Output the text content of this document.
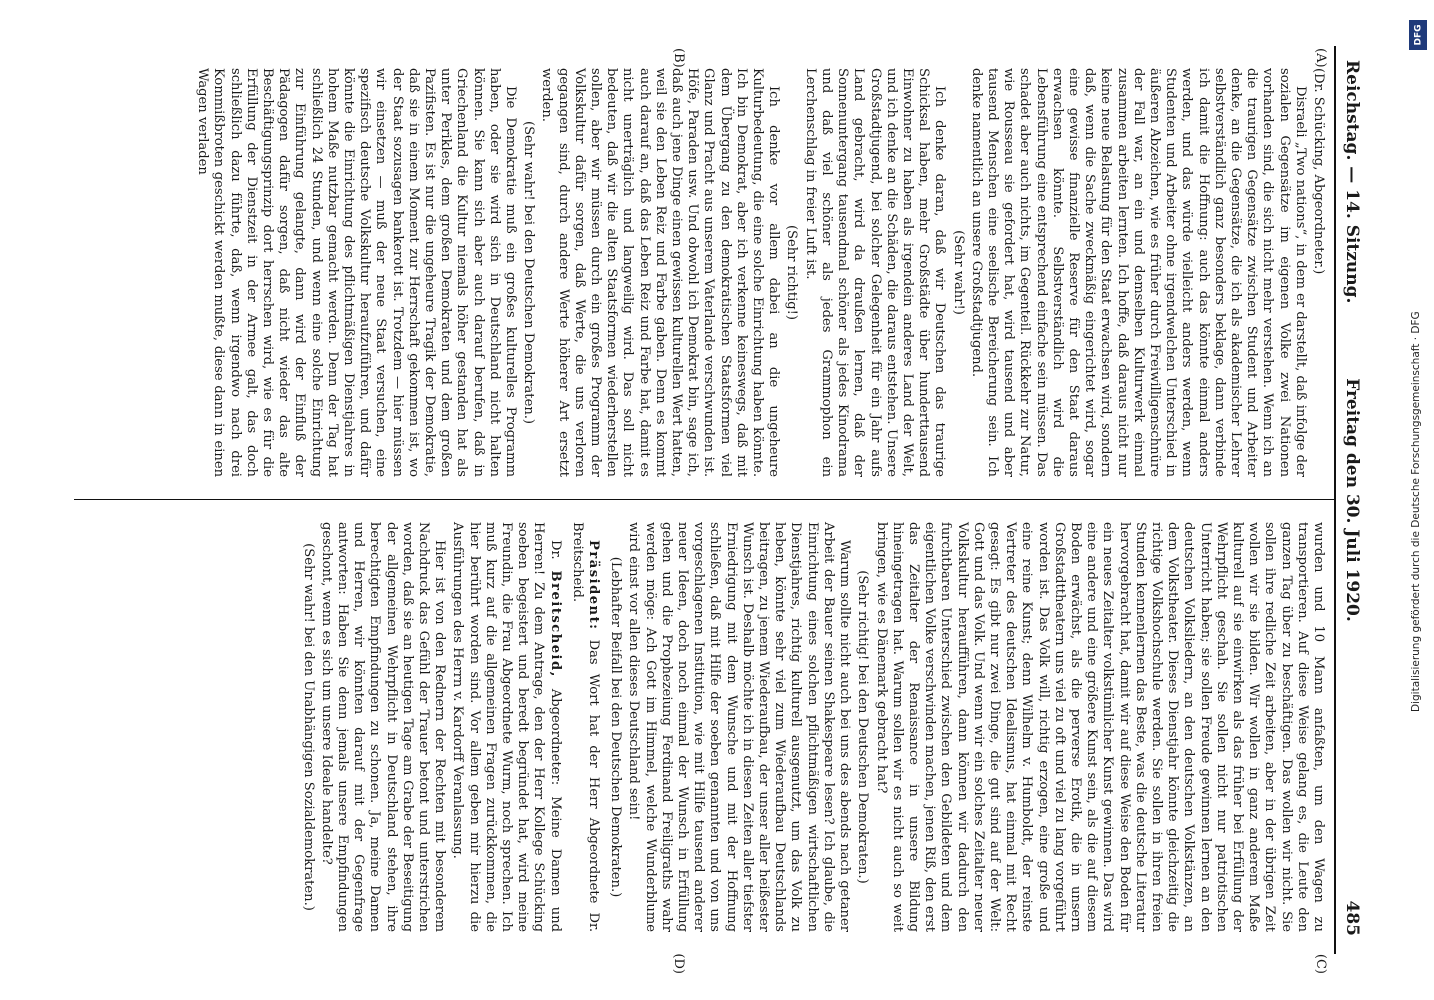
Reichstag. — 14. Sitzung.
Freitag den 30. Juli 1920.
485
(A)
(B)
(C)
(D)

(Dr. Schücking, Abgeordneter.)

Disraeli „Two nations“, in dem er darstellt, daß infolge der sozialen Gegensätze im eigenen Volke zwei Nationen vorhanden sind, die sich nicht mehr verstehen. Wenn ich an die traurigen Gegensätze zwischen Student und Arbeiter denke, an die Gegensätze, die ich als akademischer Lehrer selbstverständlich ganz besonders beklage, dann verbinde ich damit die Hoffnung: auch das könnte einmal anders werden, und das würde vielleicht anders werden, wenn Studenten und Arbeiter ohne irgendwelchen Unterschied in äußeren Abzeichen, wie es früher durch Freiwilligenschnüre der Fall war, an ein und demselben Kulturwerk einmal zusammen arbeiten lernten. Ich hoffe, daß daraus nicht nur keine neue Belastung für den Staat erwachsen wird, sondern daß, wenn die Sache zweckmäßig eingerichtet wird, sogar eine gewisse finanzielle Reserve für den Staat daraus erwachsen könnte. Selbstverständlich wird die Lebensführung eine entsprechend einfache sein müssen. Das schadet aber auch nichts, im Gegenteil. Rückkehr zur Natur, wie Rousseau sie gefordert hat, wird tausend und aber tausend Menschen eine seelische Bereicherung sein. Ich denke namentlich an unsere Großstadtjugend.

(Sehr wahr!)

Ich denke daran, daß wir Deutschen das traurige Schicksal haben, mehr Großstädte über hunderttausend Einwohner zu haben als irgendein anderes Land der Welt, und ich denke an die Schäden, die daraus entstehen. Unsere Großstadtjugend, bei solcher Gelegenheit für ein Jahr aufs Land gebracht, wird da draußen lernen, daß der Sonnenuntergang tausendmal schöner als jedes Kinodrama und daß viel schöner als jedes Grammophon ein Lerchenschlag in freier Luft ist.

(Sehr richtig!)

Ich denke vor allem dabei an die ungeheure Kulturbedeutung, die eine solche Einrichtung haben könnte. Ich bin Demokrat, aber ich verkenne keineswegs, daß mit dem Übergang zu den demokratischen Staatsformen viel Glanz und Pracht aus unserem Vaterlande verschwunden ist. Höfe, Paraden usw. Und obwohl ich Demokrat bin, sage ich, daß auch jene Dinge einen gewissen kulturellen Wert hatten, weil sie den Leben Reiz und Farbe gaben. Denn es kommt auch darauf an, daß das Leben Reiz und Farbe hat, damit es nicht unerträglich und langweilig wird. Das soll nicht bedeuten, daß wir die alten Staatsformen wiederherstellen sollen, aber wir müssen durch ein großes Programm der Volkskultur dafür sorgen, daß Werte, die uns verloren gegangen sind, durch andere Werte höherer Art ersetzt werden.

(Sehr wahr! bei den Deutschen Demokraten.)

Die Demokratie muß ein großes kulturelles Programm haben, oder sie wird sich in Deutschland nicht halten können. Sie kann sich aber auch darauf berufen, daß in Griechenland die Kultur niemals höher gestanden hat als unter Perikles, dem großen Demokraten und dem großen Pazifisten. Es ist nur die ungeheure Tragik der Demokratie, daß sie in einem Moment zur Herrschaft gekommen ist, wo der Staat sozusagen bankerott ist. Trotzdem — hier müssen wir einsetzen — muß der neue Staat versuchen, eine spezifisch deutsche Volkskultur heraufzuführen, und dafür könnte die Einrichtung des pflichtmäßigen Dienstjahres in hohem Maße nutzbar gemacht werden. Denn der Tag hat schließlich 24 Stunden, und wenn eine solche Einrichtung zur Einführung gelangte, dann wird der Einfluß der Pädagogen dafür sorgen, daß nicht wieder das alte Beschäftigungsprinzip dort herrschen wird, wie es für die Erfüllung der Dienstzeit in der Armee galt, das doch schließlich dazu führte, daß, wenn irgendwo nach drei Kommißbroten geschickt werden mußte, diese dann in einen Wagen verladen

wurden und 10 Mann anfaßten, um den Wagen zu transportieren. Auf diese Weise gelang es, die Leute den ganzen Tag über zu beschäftigen. Das wollen wir nicht. Sie sollen ihre redliche Zeit arbeiten, aber in der übrigen Zeit wollen wir sie bilden. Wir wollen in ganz anderem Maße kulturell auf sie einwirken als das früher bei Erfüllung der Wehrpflicht geschah. Sie sollen nicht nur patriotischen Unterricht haben; sie sollen Freude gewinnen lernen an den deutschen Volksliedern, an den deutschen Volkstänzen, an dem Volkstheater. Dieses Dienstjahr könnte gleichzeitig die richtige Volkshochschule werden. Sie sollen in ihren freien Stunden kennenlernen das Beste, was die deutsche Literatur hervorgebracht hat, damit wir auf diese Weise den Boden für ein neues Zeitalter volkstümlicher Kunst gewinnen. Das wird eine andere und eine größere Kunst sein, als die auf diesem Boden erwächst, als die perverse Erotik, die in unsern Großstadttheatern uns viel zu oft und viel zu lang vorgeführt worden ist. Das Volk will, richtig erzogen, eine große und eine reine Kunst; denn Wilhelm v. Humboldt, der reinste Vertreter des deutschen Idealismus, hat einmal mit Recht gesagt: Es gibt nur zwei Dinge, die gut sind auf der Welt: Gott und das Volk. Und wenn wir ein solches Zeitalter neuer Volkskultur heraufführen, dann können wir dadurch den furchtbaren Unterschied zwischen den Gebildeten und dem eigentlichen Volke verschwinden machen, jenen Riß, den erst das Zeitalter der Renaissance in unsere Bildung hineingetragen hat. Warum sollen wir es nicht auch so weit bringen, wie es Dänemark gebracht hat?

(Sehr richtig! bei den Deutschen Demokraten.)

Warum sollte nicht auch bei uns des abends nach getaner Arbeit der Bauer seinen Shakespeare lesen? Ich glaube, die Einrichtung eines solchen pflichtmäßigen wirtschaftlichen Dienstjahres, richtig kulturell ausgenutzt, um das Volk zu heben, könnte sehr viel zum Wiederaufbau Deutschlands beitragen, zu jenem Wiederaufbau, der unser aller heißester Wunsch ist. Deshalb möchte ich in diesen Zeiten aller tiefster Erniedrigung mit dem Wunsche und mit der Hoffnung schließen, daß mit Hilfe der soeben genannten und von uns vorgeschlagenen Institution, wie mit Hilfe tausend anderer neuer Ideen, doch noch einmal der Wunsch in Erfüllung gehen und die Prophezeiung Ferdinand Freiligraths wahr werden möge: Ach Gott im Himmel, welche Wunderblume wird einst vor allen dieses Deutschland sein!

(Lebhafter Beifall bei den Deutschen Demokraten.)

Präsident: Das Wort hat der Herr Abgeordnete Dr. Breitscheid.

Dr. Breitscheid, Abgeordneter: Meine Damen und Herren! Zu dem Antrage, den der Herr Kollege Schücking soeben begeistert und beredt begründet hat, wird meine Freundin, die Frau Abgeordnete Wurm, noch sprechen. Ich muß kurz auf die allgemeinen Fragen zurückkommen, die hier berührt worden sind. Vor allem geben mir hierzu die Ausführungen des Herrn v. Kardorff Veranlassung.

Hier ist von den Rednern der Rechten mit besonderem Nachdruck das Gefühl der Trauer betont und unterstrichen worden, daß sie an heutigen Tage am Grabe der Beseitigung der allgemeinen Wehrpflicht in Deutschland stehen, ihre berechtigten Empfindungen zu schonen. Ja, meine Damen und Herren, wir könnten darauf mit der Gegenfrage antworten: Haben Sie denn jemals unsere Empfindungen geschont, wenn es sich um unsere Ideale handelte?

(Sehr wahr! bei den Unabhängigen Sozialdemokraten.)

DFG
Digitalisierung gefördert durch die Deutsche Forschungsgemeinschaft · DFG
